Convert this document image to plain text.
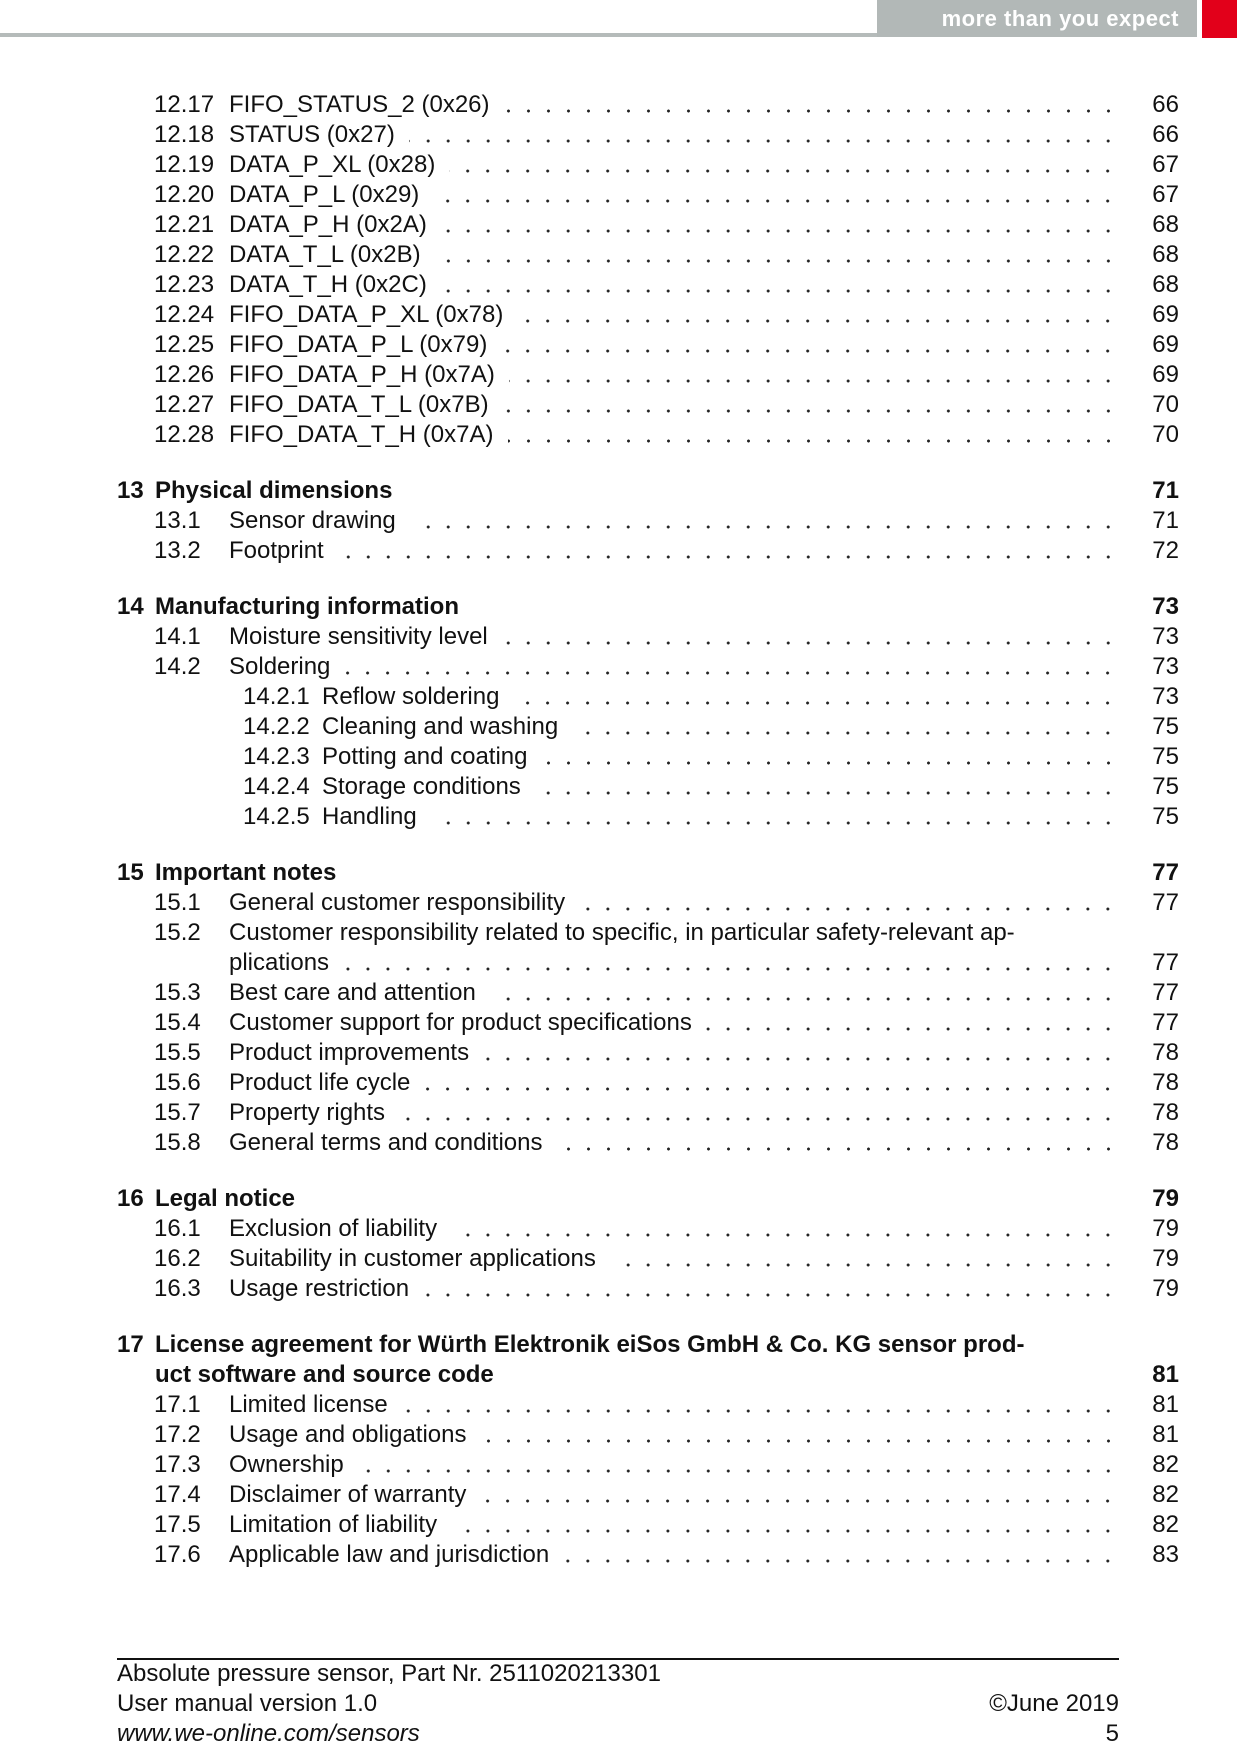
more than you expect
12.17 FIFO_STATUS_2 (0x26)	66
12.18 STATUS (0x27)	66
12.19 DATA_P_XL (0x28)	67
12.20 DATA_P_L (0x29)	67
12.21 DATA_P_H (0x2A)	68
12.22 DATA_T_L (0x2B)	68
12.23 DATA_T_H (0x2C)	68
12.24 FIFO_DATA_P_XL (0x78)	69
12.25 FIFO_DATA_P_L (0x79)	69
12.26 FIFO_DATA_P_H (0x7A)	69
12.27 FIFO_DATA_T_L (0x7B)	70
12.28 FIFO_DATA_T_H (0x7A)	70
13 Physical dimensions	71
13.1 Sensor drawing	71
13.2 Footprint	72
14 Manufacturing information	73
14.1 Moisture sensitivity level	73
14.2 Soldering	73
14.2.1 Reflow soldering	73
14.2.2 Cleaning and washing	75
14.2.3 Potting and coating	75
14.2.4 Storage conditions	75
14.2.5 Handling	75
15 Important notes	77
15.1 General customer responsibility	77
15.2 Customer responsibility related to specific, in particular safety-relevant ap-
plications	77
15.3 Best care and attention	77
15.4 Customer support for product specifications	77
15.5 Product improvements	78
15.6 Product life cycle	78
15.7 Property rights	78
15.8 General terms and conditions	78
16 Legal notice	79
16.1 Exclusion of liability	79
16.2 Suitability in customer applications	79
16.3 Usage restriction	79
17 License agreement for Würth Elektronik eiSos GmbH & Co. KG sensor prod-
uct software and source code	81
17.1 Limited license	81
17.2 Usage and obligations	81
17.3 Ownership	82
17.4 Disclaimer of warranty	82
17.5 Limitation of liability	82
17.6 Applicable law and jurisdiction	83
Absolute pressure sensor, Part Nr. 2511020213301
User manual version 1.0
www.we-online.com/sensors
©June 2019
5
